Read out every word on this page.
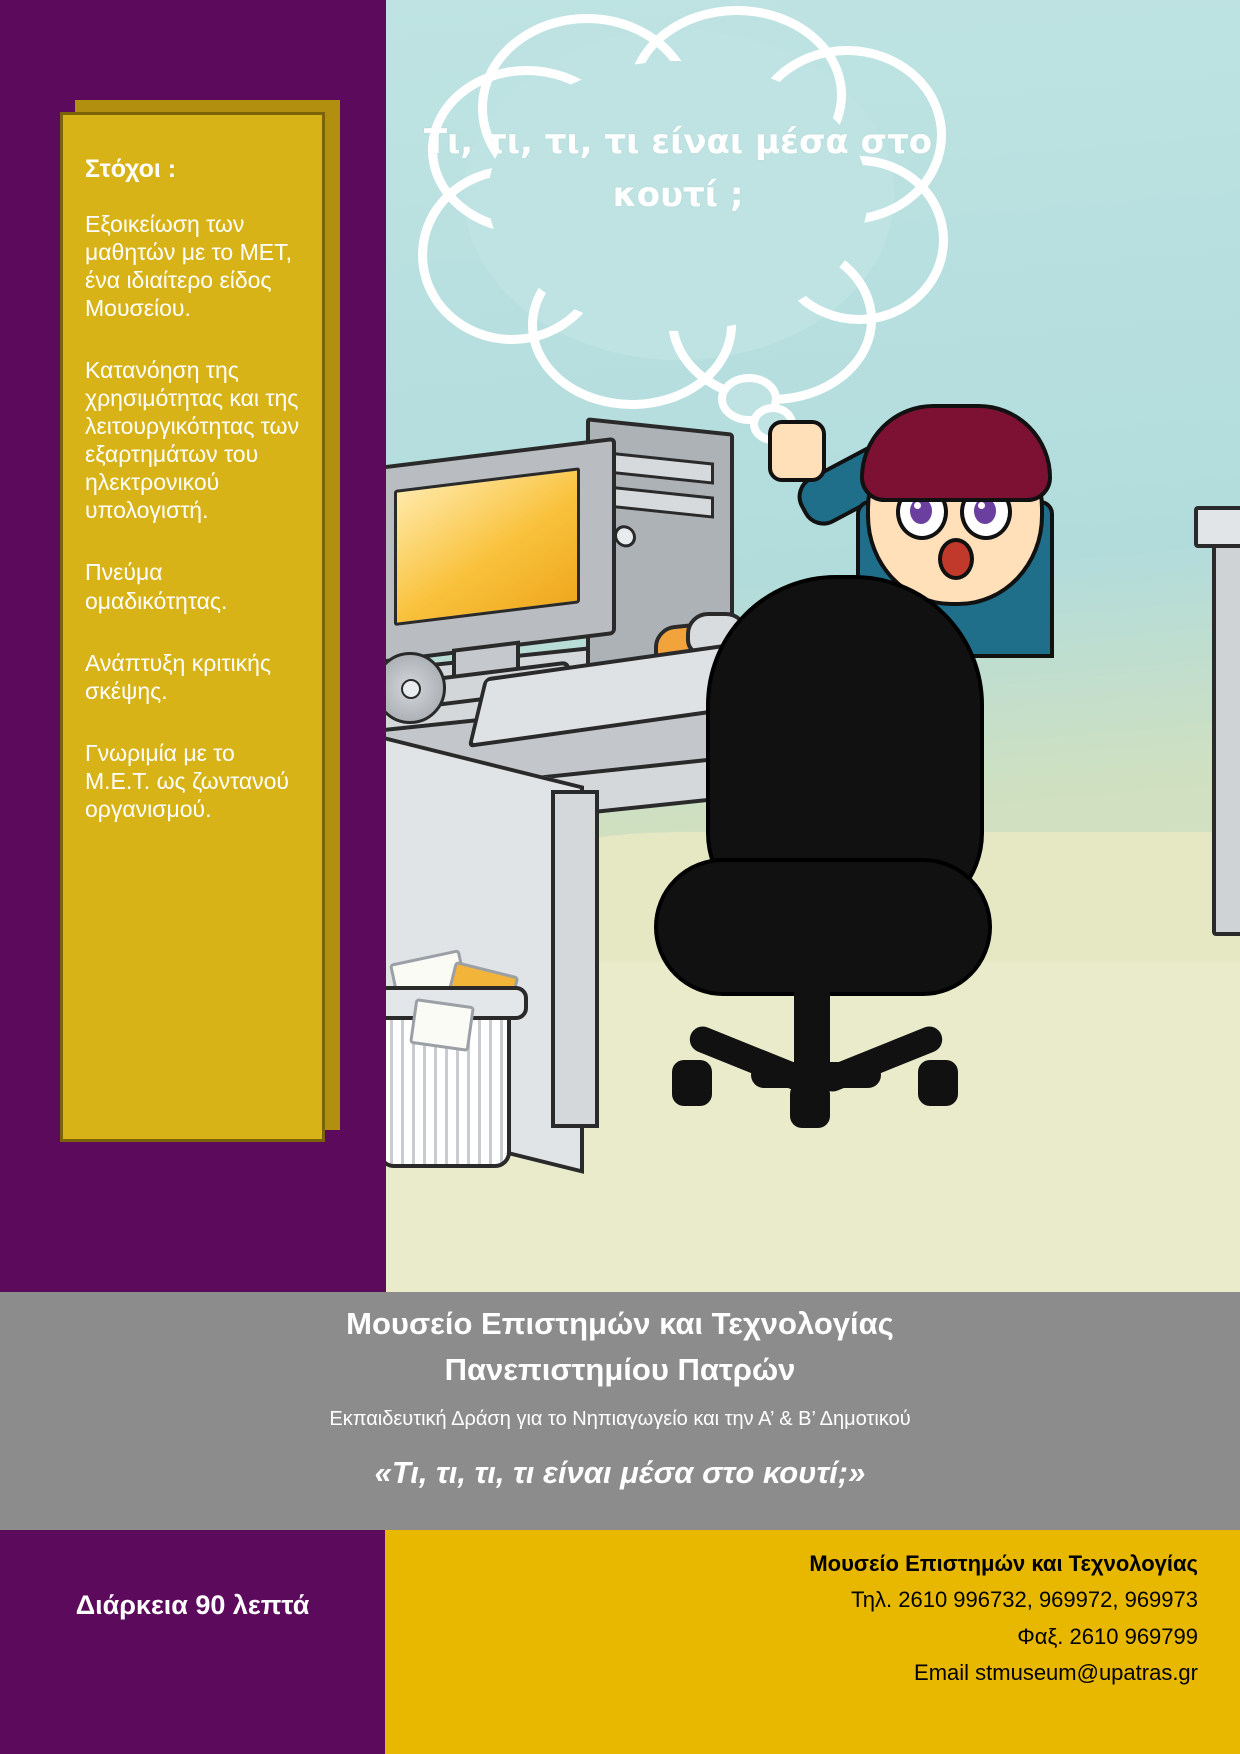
Τι, τι, τι, τι είναι μέσα στο κουτί ;
Στόχοι :

Εξοικείωση των μαθητών με το ΜΕΤ, ένα ιδιαίτερο είδος Μουσείου.

Κατανόηση της χρησιμότητας και της λειτουργικότητας των εξαρτημάτων του ηλεκτρονικού υπολογιστή.

Πνεύμα ομαδικότητας.

Ανάπτυξη κριτικής σκέψης.

Γνωριμία με το Μ.Ε.Τ. ως ζωντανού οργανισμού.

Μουσείο Επιστημών και Τεχνολογίας
Πανεπιστημίου Πατρών
Εκπαιδευτική Δράση για το Νηπιαγωγείο και την Α’ & Β’ Δημοτικού
«Τι, τι, τι, τι είναι μέσα στο κουτί;»
Διάρκεια 90 λεπτά
Μουσείο Επιστημών και Τεχνολογίας
Τηλ. 2610 996732, 969972, 969973
Φαξ. 2610 969799
Email stmuseum@upatras.gr
